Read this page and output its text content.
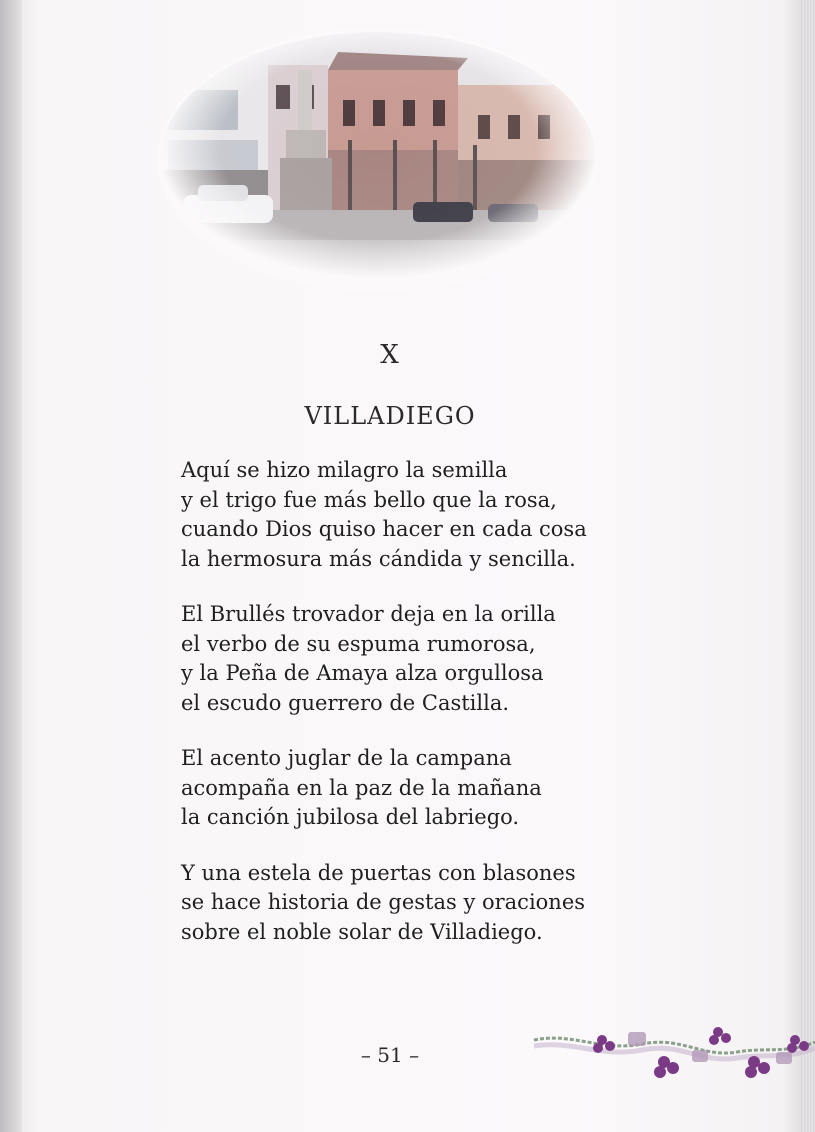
X
VILLADIEGO
Aquí se hizo milagro la semilla
y el trigo fue más bello que la rosa,
cuando Dios quiso hacer en cada cosa
la hermosura más cándida y sencilla.
El Brullés trovador deja en la orilla
el verbo de su espuma rumorosa,
y la Peña de Amaya alza orgullosa
el escudo guerrero de Castilla.
El acento juglar de la campana
acompaña en la paz de la mañana
la canción jubilosa del labriego.
Y una estela de puertas con blasones
se hace historia de gestas y oraciones
sobre el noble solar de Villadiego.
– 51 –
